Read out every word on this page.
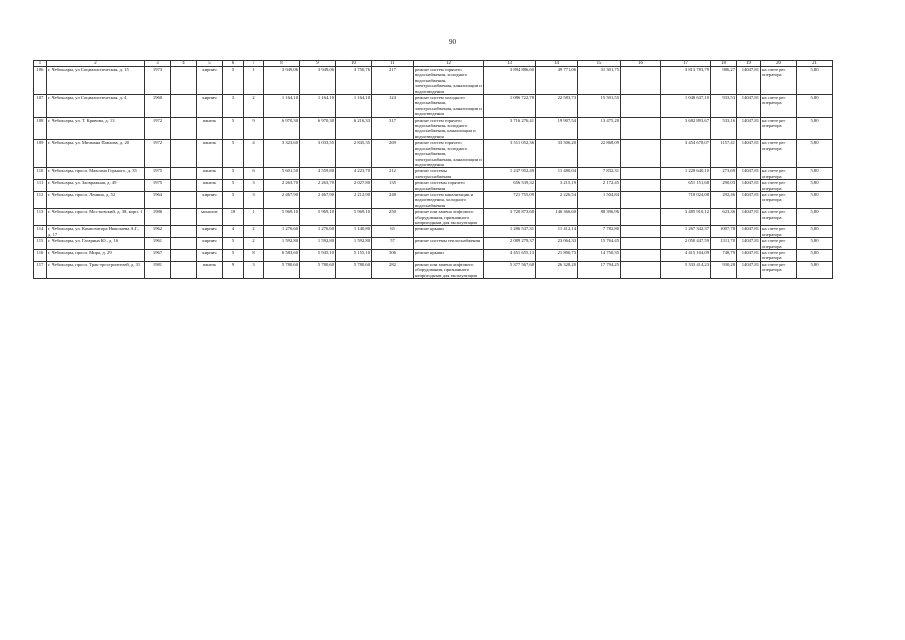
90
1	2	3	4	5	6	7	8	9	10	11	12	13	14	15	16	17	18	19	20	21
106	г. Чебоксары, ул Социалистическая, д. 15	1973		кирпич	5	1	3 949,06	3 949,06	3 750,76	217	ремонт систем горячего водоснабжения, холодного водоснабжения, электроснабжения, канализации и водоотведения	3 894 886,60	49 771,06	31 301,75		3 813 783,79	986,27	14047,81	на счете рег оператора	5,80
107	г. Чебоксары, ул Социалистическая, д. 4	1960		кирпич	3	2	1 164,10	1 164,10	1 164,10	124	ремонт систем холодного водоснабжения, электроснабжения, канализации и водоотведения	1 086 722,78	22 583,73	15 501,55		1 048 637,10	933,53	14047,81	на счете рег оператора	5,80
108	г. Чебоксары, ул. Т. Кривова, д. 13	1972		панель	5	9	6 970,30	6 970,30	6 216,33	317	ремонт систем горячего водоснабжения, холодного водоснабжения, канализации и водоотведения	3 716 276,41	19 907,54	13 475,20		3 682 893,67	533,16	14047,81	на счете рег оператора	5,80
109	г. Чебоксары, ул. Мичмана Павлова, д. 20	1972		панель	5	4	3 323,60	3 033,55	2 845,35	269	ремонт систем горячего водоснабжения, холодного водоснабжения, электроснабжения, канализации и водоотведения	3 511 052,36	33 506,20	22 868,09		3 454 678,07	1157,41	14047,81	на счете рег оператора	5,80
110	г. Чебоксары, просп. Максима Горького, д. 35	1975		панель	5	6	5 601,50	4 559,80	4 223,70	212	ремонт системы электроснабжения	1 247 952,49	11 480,04	7 832,31		1 228 640,10	273,69	14047,81	на счете рег оператора	5,80
111	г. Чебоксары, ул. Заовражная, д. 49	1975		панель	5	3	2 263,70	2 263,70	2 027,80	135	ремонт системы горячего водоснабжения	656 539,32	3 215,19	2 172,45		651 151,68	290,03	14047,81	на счете рег оператора	5,80
112	г. Чебоксары, просп. Ленина, д. 52	1964		кирпич	5	3	2 467,90	2 467,90	2 212,90	248	ремонт систем канализации и водоотведения, холодного водоснабжения	721 755,09	2 226,54	1 504,84		718 024,08	292,46	14047,81	на счете рег оператора	5,80
113	г. Чебоксары, просп. Мос-ковский, д. 38, корп. 1	1986		монолит	18	1	5 969,10	5 969,10	5 969,10	250	ремонт или замена лифтового оборудования, признанного непригодным для эксплуатации	3 720 873,68	146 366,60	88 396,96		3 485 910,12	623,36	14047,81	на счете рег оператора	5,80
114	г. Чебоксары, ул. Композитора Николаева А.Г., д. 17	1962		кирпич	4	2	1 276,60	1 276,60	1 140,80	65	ремонт крыши	1 286 537,31	11 412,14	7 782,80		1 267 342,37	1007,78	14047,81	на счете рег оператора	5,80
115	г. Чебоксары, ул. Гагарина Ю., д. 16	1961		кирпич	5	2	1 592,80	1 592,80	1 592,80	57	ремонт системы теплоснабжения	2 089 279,37	23 064,33	15 764,45		2 050 447,59	1311,70	14047,81	на счете рег оператора	5,80
116	г. Чебоксары, просп. Мира, д. 29	1967		кирпич	5	8	6 583,60	5 945,10	5 155,10	306	ремонт крыши	4 451 655,13	21 800,73	14 750,35		4 415 104,09	748,79	14047,81	на счете рег оператора	5,80
117	г. Чебоксары, просп. Трак-тростроителей, д. 31	1981		панель	9	3	5 780,60	5 780,60	5 780,60	282	ремонт или замена лифтового оборудования, признанного непригодным для эксплуатации	5 377 567,68	26 328,20	17 794,25		5 333 414,23	930,28	14047,81	на счете рег оператора	5,80
